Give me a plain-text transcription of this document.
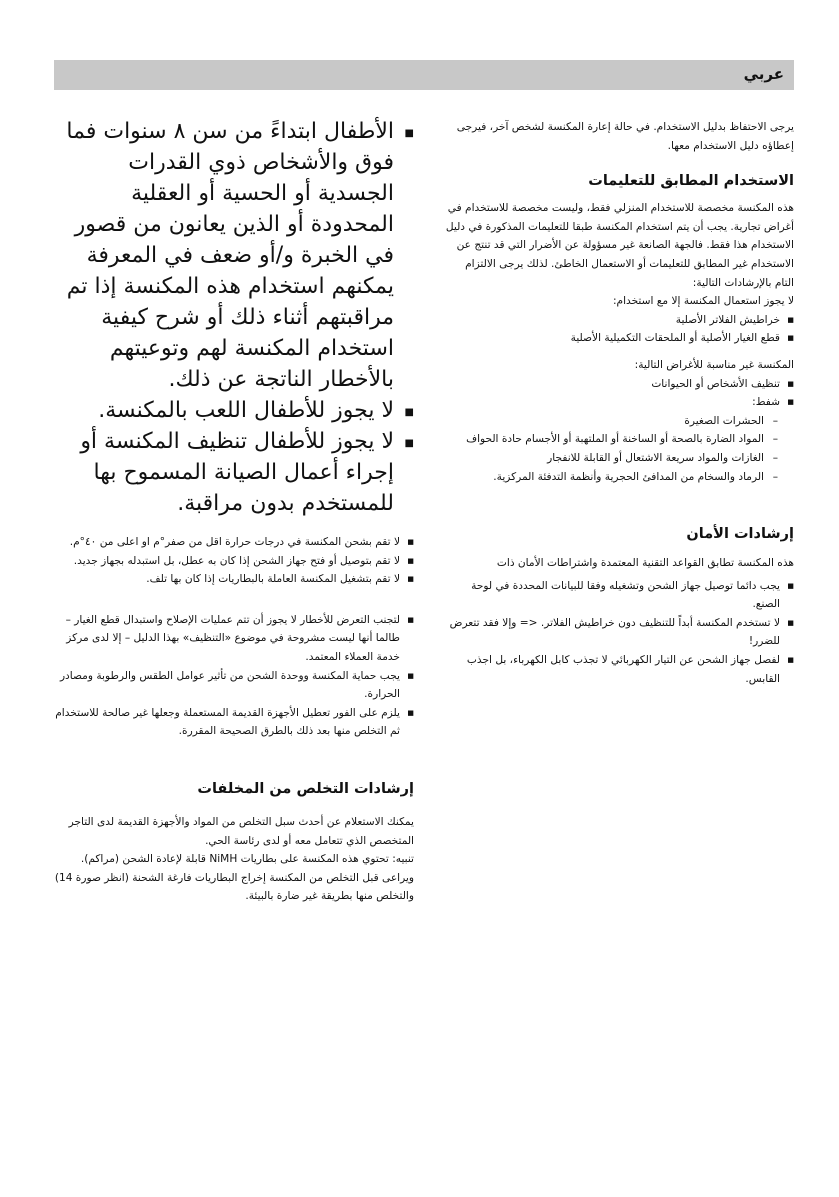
عربي

يرجى الاحتفاظ بدليل الاستخدام. في حالة إعارة المكنسة لشخص آخر، فيرجى إعطاؤه دليل الاستخدام معها.

الاستخدام المطابق للتعليمات

هذه المكنسة مخصصة للاستخدام المنزلي فقط، وليست مخصصة للاستخدام في أغراض تجارية. يجب أن يتم استخدام المكنسة طبقا للتعليمات المذكورة في دليل الاستخدام هذا فقط. فالجهة الصانعة غير مسؤولة عن الأضرار التي قد تنتج عن الاستخدام غير المطابق للتعليمات أو الاستعمال الخاطئ. لذلك يرجى الالتزام التام بالإرشادات التالية:

لا يجوز استعمال المكنسة إلا مع استخدام:

■ خراطيش الفلاتر الأصلية
■ قطع الغيار الأصلية أو الملحقات التكميلية الأصلية

المكنسة غير مناسبة للأغراض التالية:

■ تنظيف الأشخاص أو الحيوانات
■ شفط:
– الحشرات الصغيرة
– المواد الضارة بالصحة أو الساخنة أو الملتهبة أو الأجسام حادة الحواف
– الغازات والمواد سريعة الاشتعال أو القابلة للانفجار
– الرماد والسخام من المدافئ الحجرية وأنظمة التدفئة المركزية.
إرشادات الأمان

هذه المكنسة تطابق القواعد التقنية المعتمدة واشتراطات الأمان ذات

■ يجب دائما توصيل جهاز الشحن وتشغيله وفقا للبيانات المحددة في لوحة الصنع.
■ لا تستخدم المكنسة أبداً للتنظيف دون خراطيش الفلاتر. <= وإلا فقد تتعرض للضرر!
■ لفصل جهاز الشحن عن التيار الكهربائي لا تجذب كابل الكهرباء، بل اجذب القابس.
■ الأطفال ابتداءً من سن ٨ سنوات فما فوق والأشخاص ذوي القدرات الجسدية أو الحسية أو العقلية المحدودة أو الذين يعانون من قصور في الخبرة و/أو ضعف في المعرفة يمكنهم استخدام هذه المكنسة إذا تم مراقبتهم أثناء ذلك أو شرح كيفية استخدام المكنسة لهم وتوعيتهم بالأخطار الناتجة عن ذلك.
■ لا يجوز للأطفال اللعب بالمكنسة.
■ لا يجوز للأطفال تنظيف المكنسة أو إجراء أعمال الصيانة المسموح بها للمستخدم بدون مراقبة.
■ لا تقم بشحن المكنسة في درجات حرارة اقل من صفر°م او اعلى من ٤٠°م.
■ لا تقم بتوصيل أو فتح جهاز الشحن إذا كان به عطل، بل استبدله بجهاز جديد.
■ لا تقم بتشغيل المكنسة العاملة بالبطاريات إذا كان بها تلف.
■ لتجنب التعرض للأخطار لا يجوز أن تتم عمليات الإصلاح واستبدال قطع الغيار – طالما أنها ليست مشروحة في موضوع «التنظيف» بهذا الدليل – إلا لدى مركز خدمة العملاء المعتمد.
■ يجب حماية المكنسة ووحدة الشحن من تأثير عوامل الطقس والرطوبة ومصادر الحرارة.
■ يلزم على الفور تعطيل الأجهزة القديمة المستعملة وجعلها غير صالحة للاستخدام ثم التخلص منها بعد ذلك بالطرق الصحيحة المقررة.
إرشادات التخلص من المخلفات

يمكنك الاستعلام عن أحدث سبل التخلص من المواد والأجهزة القديمة لدى التاجر المتخصص الذي تتعامل معه أو لدى رئاسة الحي.

تنبيه: تحتوي هذه المكنسة على بطاريات NiMH قابلة لإعادة الشحن (مراكم). ويراعى قبل التخلص من المكنسة إخراج البطاريات فارغة الشحنة (انظر صورة 14) والتخلص منها بطريقة غير ضارة بالبيئة.
